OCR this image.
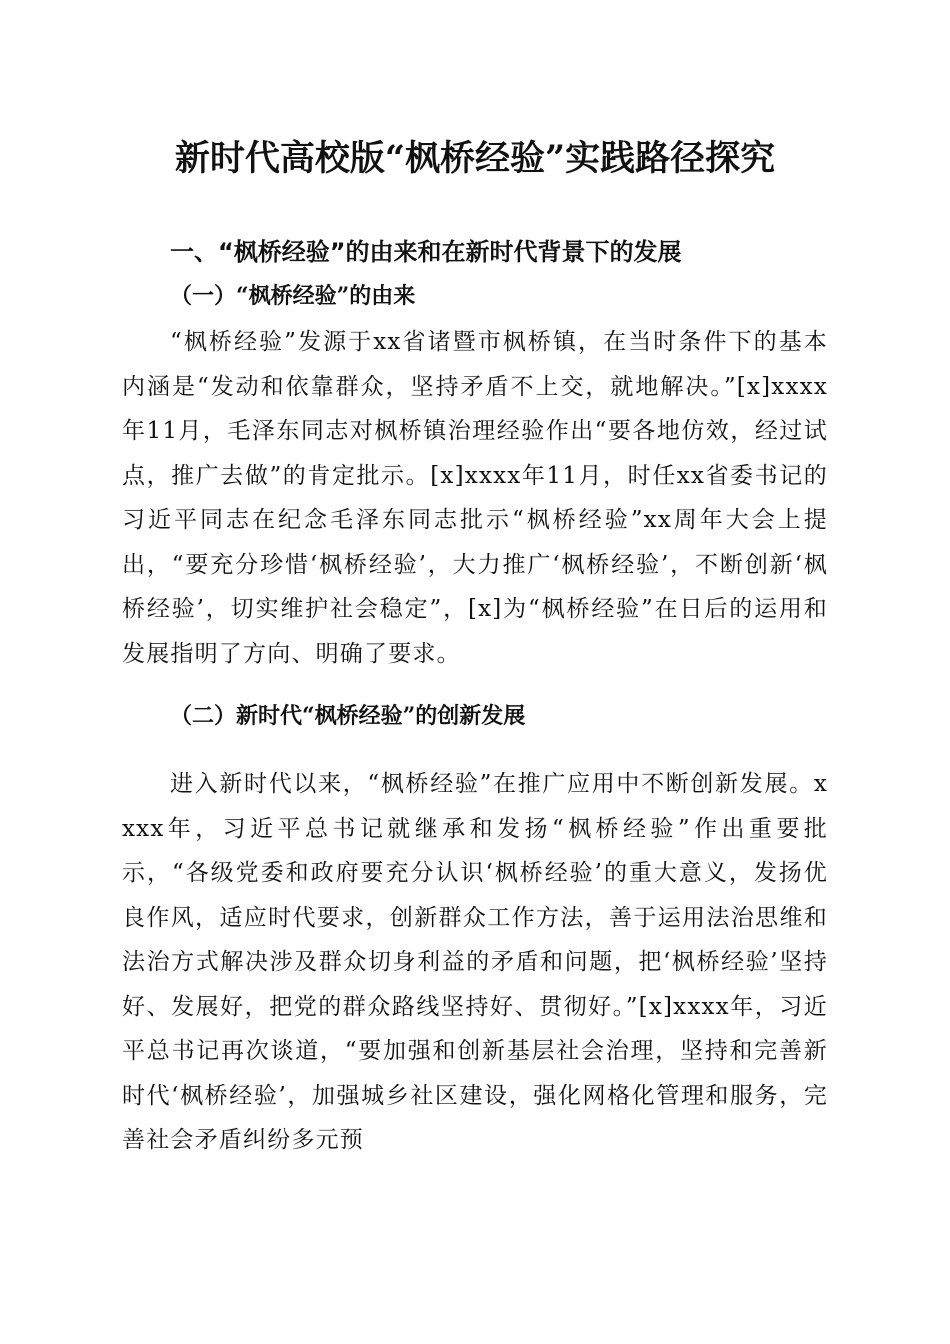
新时代高校版“枫桥经验”实践路径探究
一、“枫桥经验”的由来和在新时代背景下的发展
（一）“枫桥经验”的由来

“枫桥经验”发源于xx省诸暨市枫桥镇，在当时条件下的基本内涵是“发动和依靠群众，坚持矛盾不上交，就地解决。”[x]xxxx年11月，毛泽东同志对枫桥镇治理经验作出“要各地仿效，经过试点，推广去做”的肯定批示。[x]xxxx年11月，时任xx省委书记的习近平同志在纪念毛泽东同志批示“枫桥经验”xx周年大会上提出，“要充分珍惜‘枫桥经验’，大力推广‘枫桥经验’，不断创新‘枫桥经验’，切实维护社会稳定”，[x]为“枫桥经验”在日后的运用和发展指明了方向、明确了要求。

（二）新时代“枫桥经验”的创新发展

进入新时代以来，“枫桥经验”在推广应用中不断创新发展。xxxx年，习近平总书记就继承和发扬“枫桥经验”作出重要批示，“各级党委和政府要充分认识‘枫桥经验’的重大意义，发扬优良作风，适应时代要求，创新群众工作方法，善于运用法治思维和法治方式解决涉及群众切身利益的矛盾和问题，把‘枫桥经验’坚持好、发展好，把党的群众路线坚持好、贯彻好。”[x]xxxx年，习近平总书记再次谈道，“要加强和创新基层社会治理，坚持和完善新时代‘枫桥经验’，加强城乡社区建设，强化网格化管理和服务，完善社会矛盾纠纷多元预
